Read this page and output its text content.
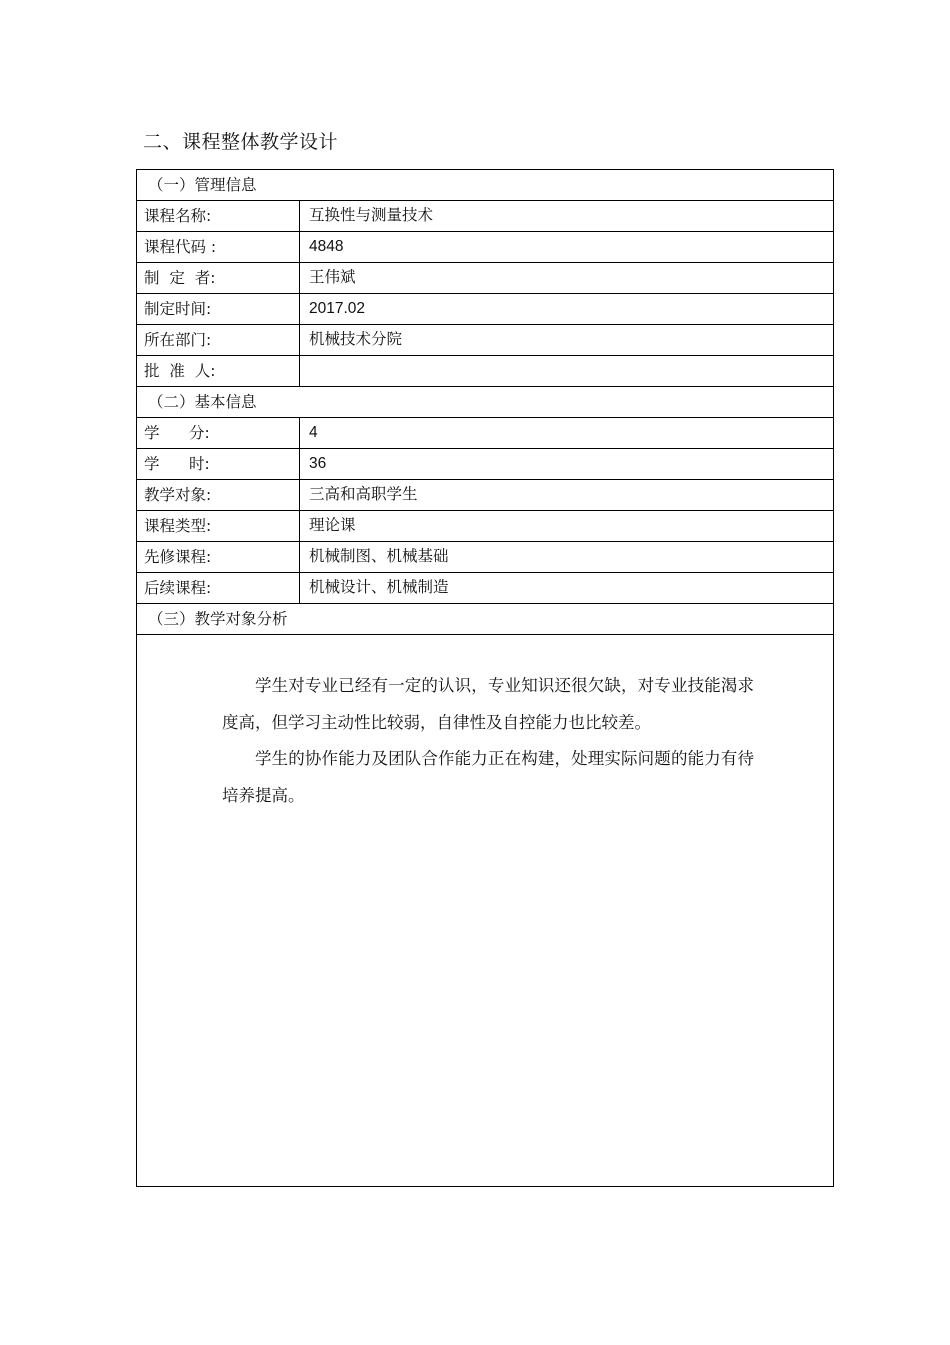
二、课程整体教学设计
（一）管理信息	
课程名称:	互换性与测量技术
课程代码 :	4848
制  定  者:	王伟斌
制定时间:	2017.02
所在部门:	机械技术分院
批  准  人:	
（二）基本信息	
学      分:	4
学      时:	36
教学对象:	三高和高职学生
课程类型:	理论课
先修课程:	机械制图、机械基础
后续课程:	机械设计、机械制造
（三）教学对象分析	

学生对专业已经有一定的认识，专业知识还很欠缺，对专业技能渴求度高，但学习主动性比较弱，自律性及自控能力也比较差。

学生的协作能力及团队合作能力正在构建，处理实际问题的能力有待培养提高。	
